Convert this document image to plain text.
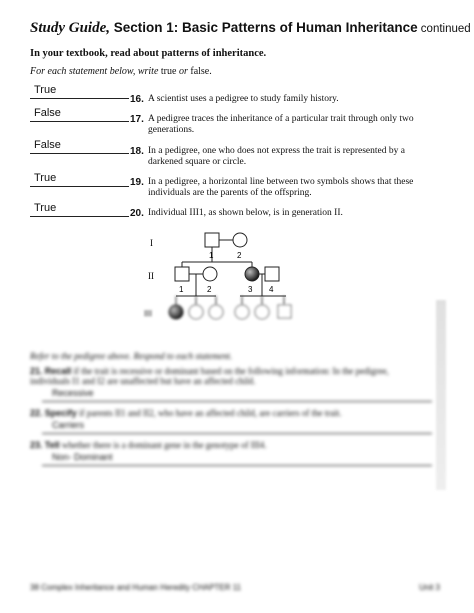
Study Guide, Section 1: Basic Patterns of Human Inheritance continued
In your textbook, read about patterns of inheritance.
For each statement below, write true or false.
True
16. A scientist uses a pedigree to study family history.
False
17. A pedigree traces the inheritance of a particular trait through only two generations.
False
18. In a pedigree, one who does not express the trait is represented by a darkened square or circle.
True	19. In a pedigree, a horizontal line between two symbols shows that these individuals are the parents of the offspring.
True	20. Individual III1, as shown below, is in generation II.
I
II
1	2
1	2	3 4
III
Refer to the pedigree above. Respond to each statement.
21. Recall if the trait is recessive or dominant based on the following information: In the pedigree, individuals I1 and I2 are unaffected but have an affected child.
Recessive
22. Specify if parents II1 and II2, who have an affected child, are carriers of the trait.
Carriers
23. Tell whether there is a dominant gene in the genotype of III4.
Non- Dominant
38 Complex Inheritance and Human Heredity CHAPTER 11	Unit 3
